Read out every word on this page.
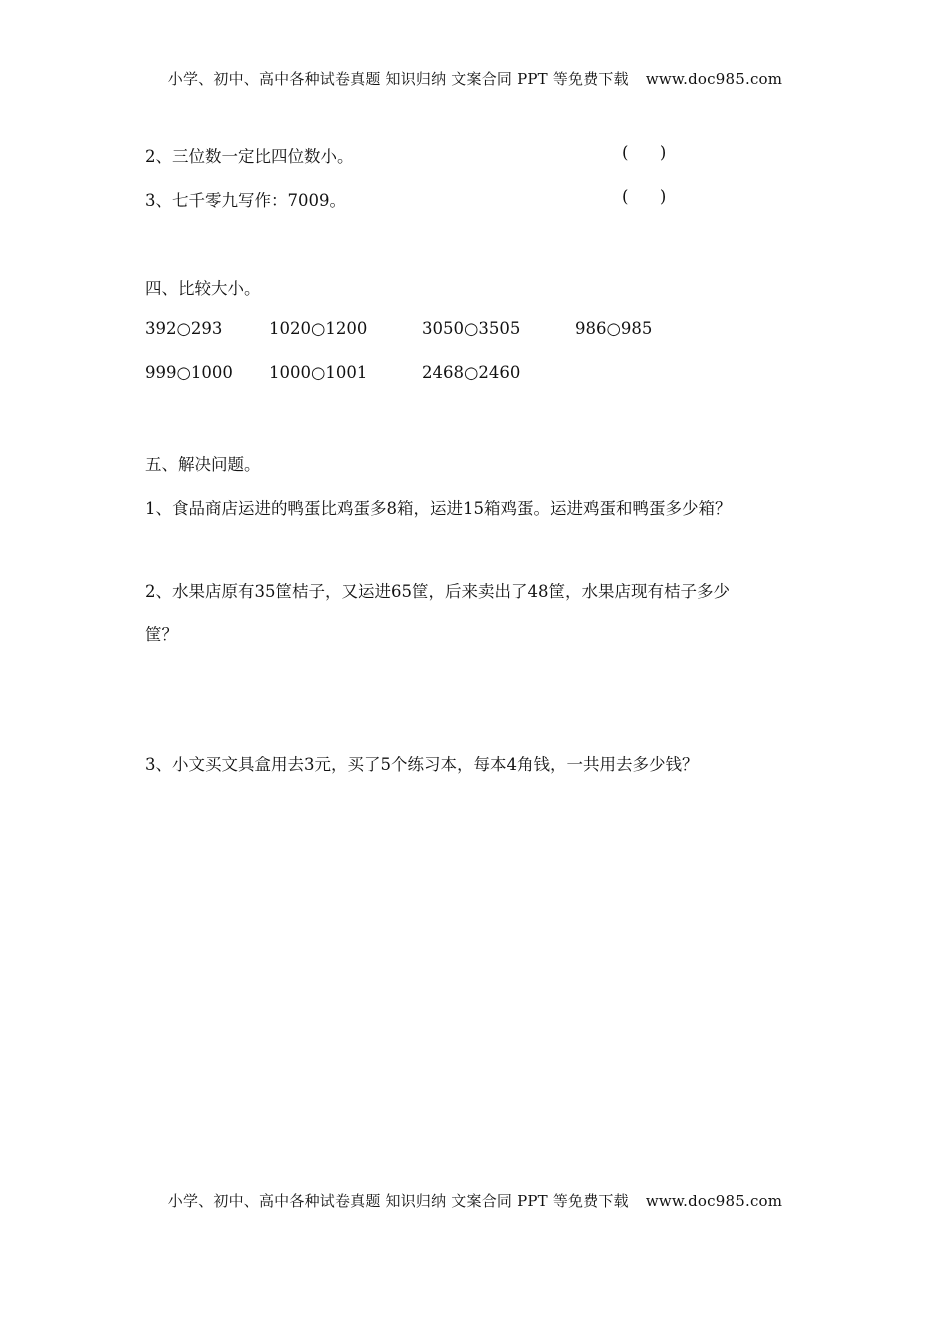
小学、初中、高中各种试卷真题 知识归纳 文案合同 PPT 等免费下载 www.doc985.com
2、三位数一定比四位数小。	(      )
3、七千零九写作：7009。	(      )
四、比较大小。
392○293	1020○1200	3050○3505	986○985
999○1000 1000○1001	2468○2460
五、解决问题。
1、食品商店运进的鸭蛋比鸡蛋多8箱，运进15箱鸡蛋。运进鸡蛋和鸭蛋多少箱？
2、水果店原有35筐桔子，又运进65筐，后来卖出了48筐，水果店现有桔子多少
筐？
3、小文买文具盒用去3元，买了5个练习本，每本4角钱，一共用去多少钱？
小学、初中、高中各种试卷真题 知识归纳 文案合同 PPT 等免费下载 www.doc985.com
